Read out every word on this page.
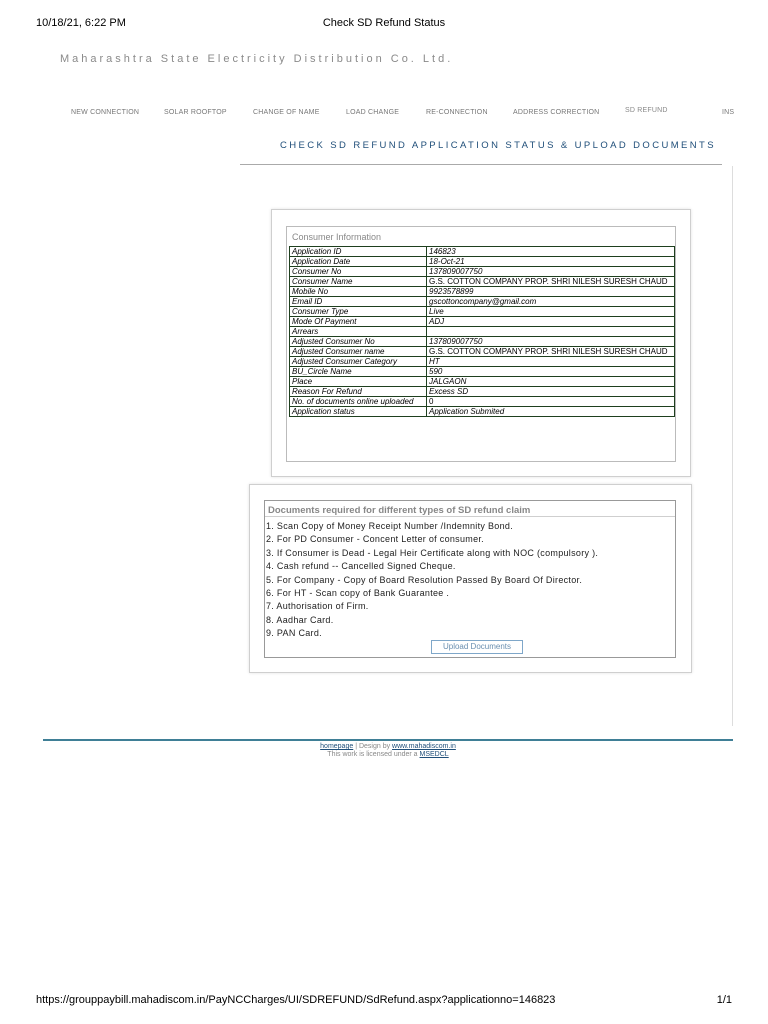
10/18/21, 6:22 PM	Check SD Refund Status
Maharashtra State Electricity Distribution Co. Ltd.
NEW CONNECTION	SOLAR ROOFTOP	CHANGE OF NAME	LOAD CHANGE	RE-CONNECTION	ADDRESS CORRECTION	SD REFUND	INS
CHECK SD REFUND APPLICATION STATUS & UPLOAD DOCUMENTS
Consumer Information
Application ID	146823
Application Date	18-Oct-21
Consumer No	137809007750
Consumer Name	G.S. COTTON COMPANY PROP. SHRI NILESH SURESH CHAUD
Mobile No	9923578899
Email ID	gscottoncompany@gmail.com
Consumer Type	Live
Mode Of Payment	ADJ
Arrears	
Adjusted Consumer No	137809007750
Adjusted Consumer name	G.S. COTTON COMPANY PROP. SHRI NILESH SURESH CHAUD
Adjusted Consumer Category	HT
BU_Circle Name	590
Place	JALGAON
Reason For Refund	Excess SD
No. of documents online uploaded	0
Application status	Application Submited
Documents required for different types of SD refund claim
1. Scan Copy of Money Receipt Number /Indemnity Bond.
2. For PD Consumer - Concent Letter of consumer.
3. If Consumer is Dead - Legal Heir Certificate along with NOC (compulsory ).
4. Cash refund -- Cancelled Signed Cheque.
5. For Company - Copy of Board Resolution Passed By Board Of Director.
6. For HT - Scan copy of Bank Guarantee .
7. Authorisation of Firm.
8. Aadhar Card.
9. PAN Card.
Upload Documents
homepage | Design by www.mahadiscom.in
This work is licensed under a MSEDCL
https://grouppaybill.mahadiscom.in/PayNCCharges/UI/SDREFUND/SdRefund.aspx?applicationno=146823	1/1
